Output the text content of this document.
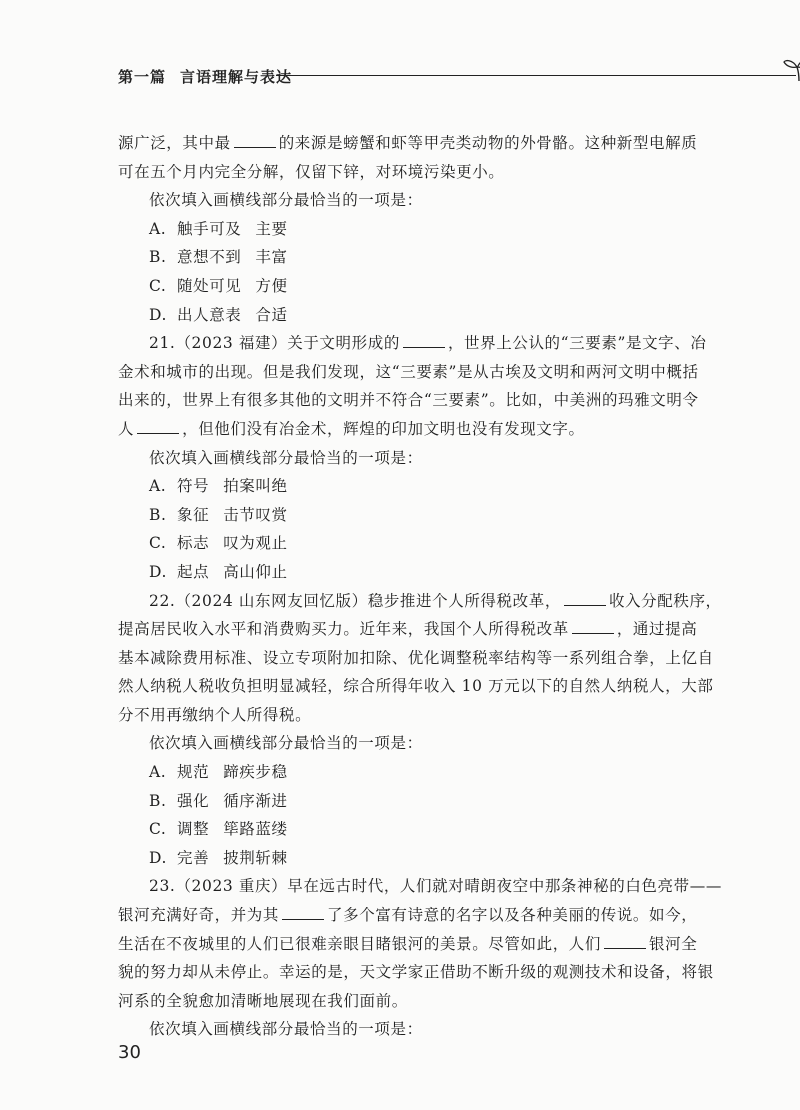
第一篇 言语理解与表达
源广泛，其中最	的来源是螃蟹和虾等甲壳类动物的外骨骼。这种新型电解质
可在五个月内完全分解，仅留下锌，对环境污染更小。
依次填入画横线部分最恰当的一项是：
A. 触手可及 主要
B. 意想不到 丰富
C. 随处可见 方便
D. 出人意表 合适
21.（2023 福建）关于文明形成的	，世界上公认的“三要素”是文字、冶
金术和城市的出现。但是我们发现，这“三要素”是从古埃及文明和两河文明中概括
出来的，世界上有很多其他的文明并不符合“三要素”。比如，中美洲的玛雅文明令
人	，但他们没有冶金术，辉煌的印加文明也没有发现文字。
依次填入画横线部分最恰当的一项是：
A. 符号 拍案叫绝
B. 象征 击节叹赏
C. 标志 叹为观止
D. 起点 高山仰止
22.（2024 山东网友回忆版）稳步推进个人所得税改革，	收入分配秩序，
提高居民收入水平和消费购买力。近年来，我国个人所得税改革	，通过提高
基本减除费用标准、设立专项附加扣除、优化调整税率结构等一系列组合拳，上亿自
然人纳税人税收负担明显减轻，综合所得年收入 10 万元以下的自然人纳税人，大部
分不用再缴纳个人所得税。
依次填入画横线部分最恰当的一项是：
A. 规范 蹄疾步稳
B. 强化 循序渐进
C. 调整 筚路蓝缕
D. 完善 披荆斩棘
23.（2023 重庆）早在远古时代，人们就对晴朗夜空中那条神秘的白色亮带——
银河充满好奇，并为其	了多个富有诗意的名字以及各种美丽的传说。如今，
生活在不夜城里的人们已很难亲眼目睹银河的美景。尽管如此，人们	银河全
貌的努力却从未停止。幸运的是，天文学家正借助不断升级的观测技术和设备，将银
河系的全貌愈加清晰地展现在我们面前。
依次填入画横线部分最恰当的一项是：
30
